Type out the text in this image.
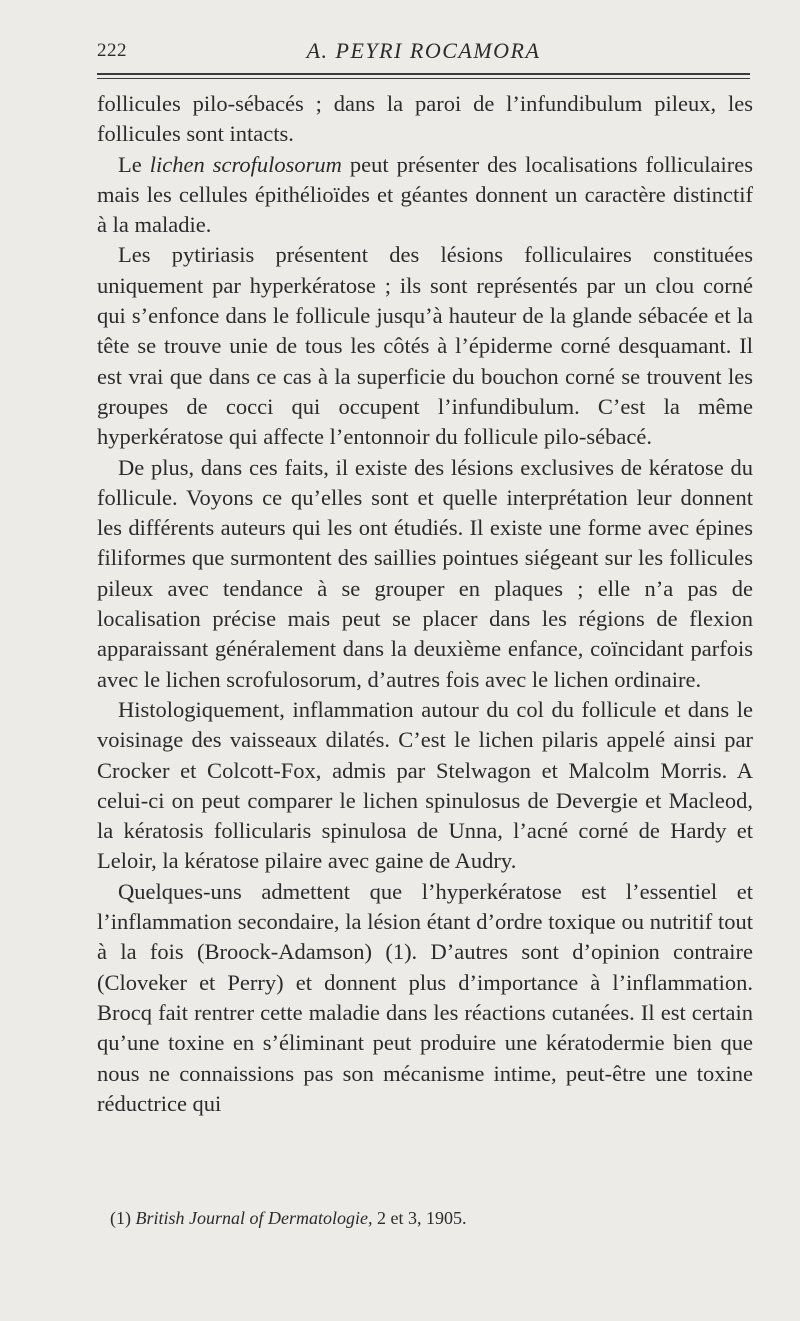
222	A. PEYRI ROCAMORA

follicules pilo-sébacés ; dans la paroi de l’infundibulum pileux, les follicules sont intacts.

Le lichen scrofulosorum peut présenter des localisations folliculaires mais les cellules épithélioïdes et géantes donnent un caractère distinctif à la maladie.

Les pytiriasis présentent des lésions folliculaires constituées uniquement par hyperkératose ; ils sont représentés par un clou corné qui s’enfonce dans le follicule jusqu’à hauteur de la glande sébacée et la tête se trouve unie de tous les côtés à l’épiderme corné desquamant. Il est vrai que dans ce cas à la superficie du bouchon corné se trouvent les groupes de cocci qui occupent l’infundibulum. C’est la même hyperkératose qui affecte l’entonnoir du follicule pilo-sébacé.

De plus, dans ces faits, il existe des lésions exclusives de kératose du follicule. Voyons ce qu’elles sont et quelle interprétation leur donnent les différents auteurs qui les ont étudiés. Il existe une forme avec épines filiformes que surmontent des saillies pointues siégeant sur les follicules pileux avec tendance à se grouper en plaques ; elle n’a pas de localisation précise mais peut se placer dans les régions de flexion apparaissant généralement dans la deuxième enfance, coïncidant parfois avec le lichen scrofulosorum, d’autres fois avec le lichen ordinaire.

Histologiquement, inflammation autour du col du follicule et dans le voisinage des vaisseaux dilatés. C’est le lichen pilaris appelé ainsi par Crocker et Colcott-Fox, admis par Stelwagon et Malcolm Morris. A celui-ci on peut comparer le lichen spinulosus de Devergie et Macleod, la kératosis follicularis spinulosa de Unna, l’acné corné de Hardy et Leloir, la kératose pilaire avec gaine de Audry.

Quelques-uns admettent que l’hyperkératose est l’essentiel et l’inflammation secondaire, la lésion étant d’ordre toxique ou nutritif tout à la fois (Broock-Adamson) (1). D’autres sont d’opinion contraire (Cloveker et Perry) et donnent plus d’importance à l’inflammation. Brocq fait rentrer cette maladie dans les réactions cutanées. Il est certain qu’une toxine en s’éliminant peut produire une kératodermie bien que nous ne connaissions pas son mécanisme intime, peut-être une toxine réductrice qui

(1) British Journal of Dermatologie, 2 et 3, 1905.
